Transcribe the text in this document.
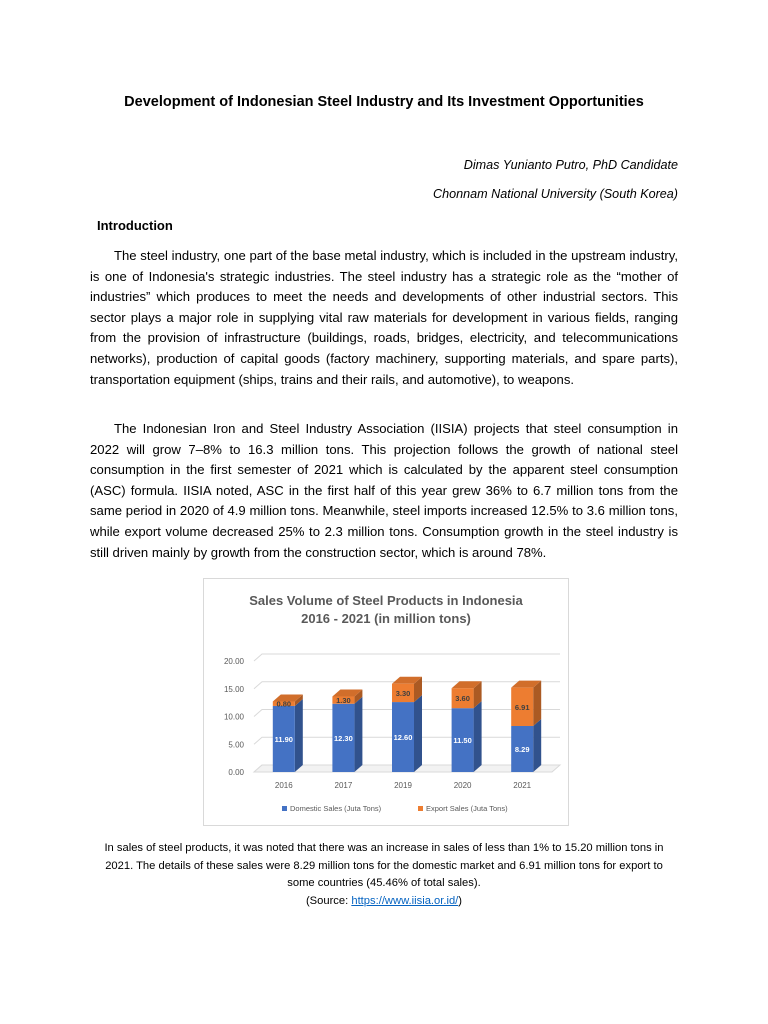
Development of Indonesian Steel Industry and Its Investment Opportunities
Dimas Yunianto Putro, PhD Candidate
Chonnam National University (South Korea)
Introduction

The steel industry, one part of the base metal industry, which is included in the upstream industry, is one of Indonesia's strategic industries. The steel industry has a strategic role as the “mother of industries” which produces to meet the needs and developments of other industrial sectors. This sector plays a major role in supplying vital raw materials for development in various fields, ranging from the provision of infrastructure (buildings, roads, bridges, electricity, and telecommunications networks), production of capital goods (factory machinery, supporting materials, and spare parts), transportation equipment (ships, trains and their rails, and automotive), to weapons.

The Indonesian Iron and Steel Industry Association (IISIA) projects that steel consumption in 2022 will grow 7–8% to 16.3 million tons. This projection follows the growth of national steel consumption in the first semester of 2021 which is calculated by the apparent steel consumption (ASC) formula. IISIA noted, ASC in the first half of this year grew 36% to 6.7 million tons from the same period in 2020 of 4.9 million tons. Meanwhile, steel imports increased 12.5% to 3.6 million tons, while export volume decreased 25% to 2.3 million tons. Consumption growth in the steel industry is still driven mainly by growth from the construction sector, which is around 78%.

Sales Volume of Steel Products in Indonesia
2016 - 2021 (in million tons)
11.90
0.80
12.30
1.30
12.60
3.30
11.50
3.60
8.29
6.91
0.00
5.00
10.00
15.00
20.00
2016	2017	2019	2020	2021
Domestic Sales (Juta Tons)	Export Sales (Juta Tons)

In sales of steel products, it was noted that there was an increase in sales of less than 1% to 15.20 million tons in 2021. The details of these sales were 8.29 million tons for the domestic market and 6.91 million tons for export to some countries (45.46% of total sales).

(Source: https://www.iisia.or.id/)
